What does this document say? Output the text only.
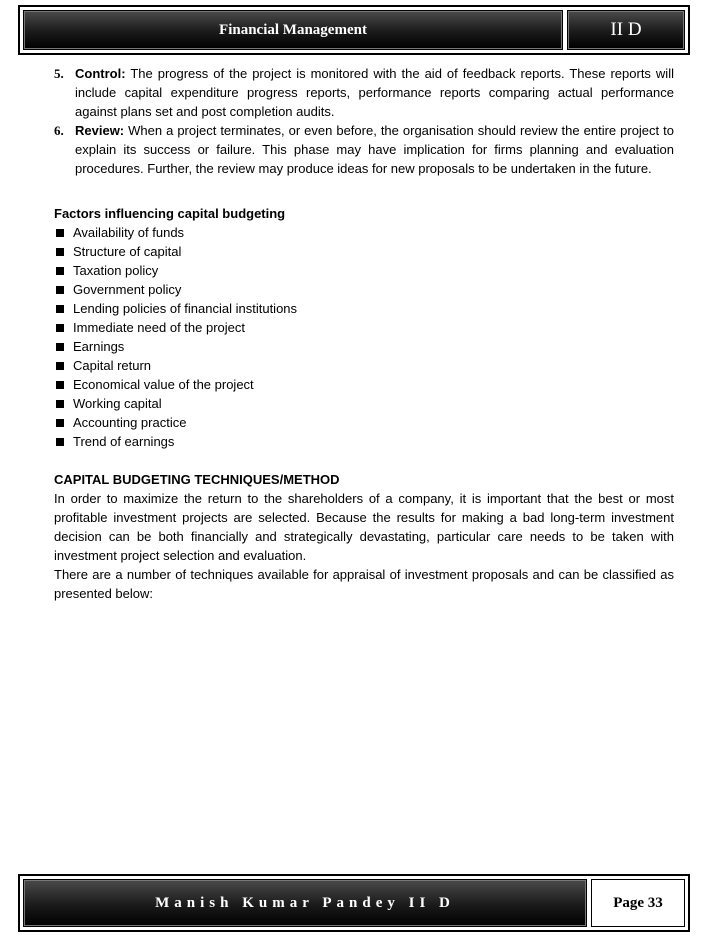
Financial Management	II D
5. Control: The progress of the project is monitored with the aid of feedback reports. These reports will include capital expenditure progress reports, performance reports comparing actual performance against plans set and post completion audits.
6. Review: When a project terminates, or even before, the organisation should review the entire project to explain its success or failure. This phase may have implication for firms planning and evaluation procedures. Further, the review may produce ideas for new proposals to be undertaken in the future.
Factors influencing capital budgeting
Availability of funds
Structure of capital
Taxation policy
Government policy
Lending policies of financial institutions
Immediate need of the project
Earnings
Capital return
Economical value of the project
Working capital
Accounting practice
Trend of earnings
CAPITAL BUDGETING TECHNIQUES/METHOD
In order to maximize the return to the shareholders of a company, it is important that the best or most profitable investment projects are selected. Because the results for making a bad long-term investment decision can be both financially and strategically devastating, particular care needs to be taken with investment project selection and evaluation.
There are a number of techniques available for appraisal of investment proposals and can be classified as presented below:
Manish Kumar Pandey II D	Page 33
